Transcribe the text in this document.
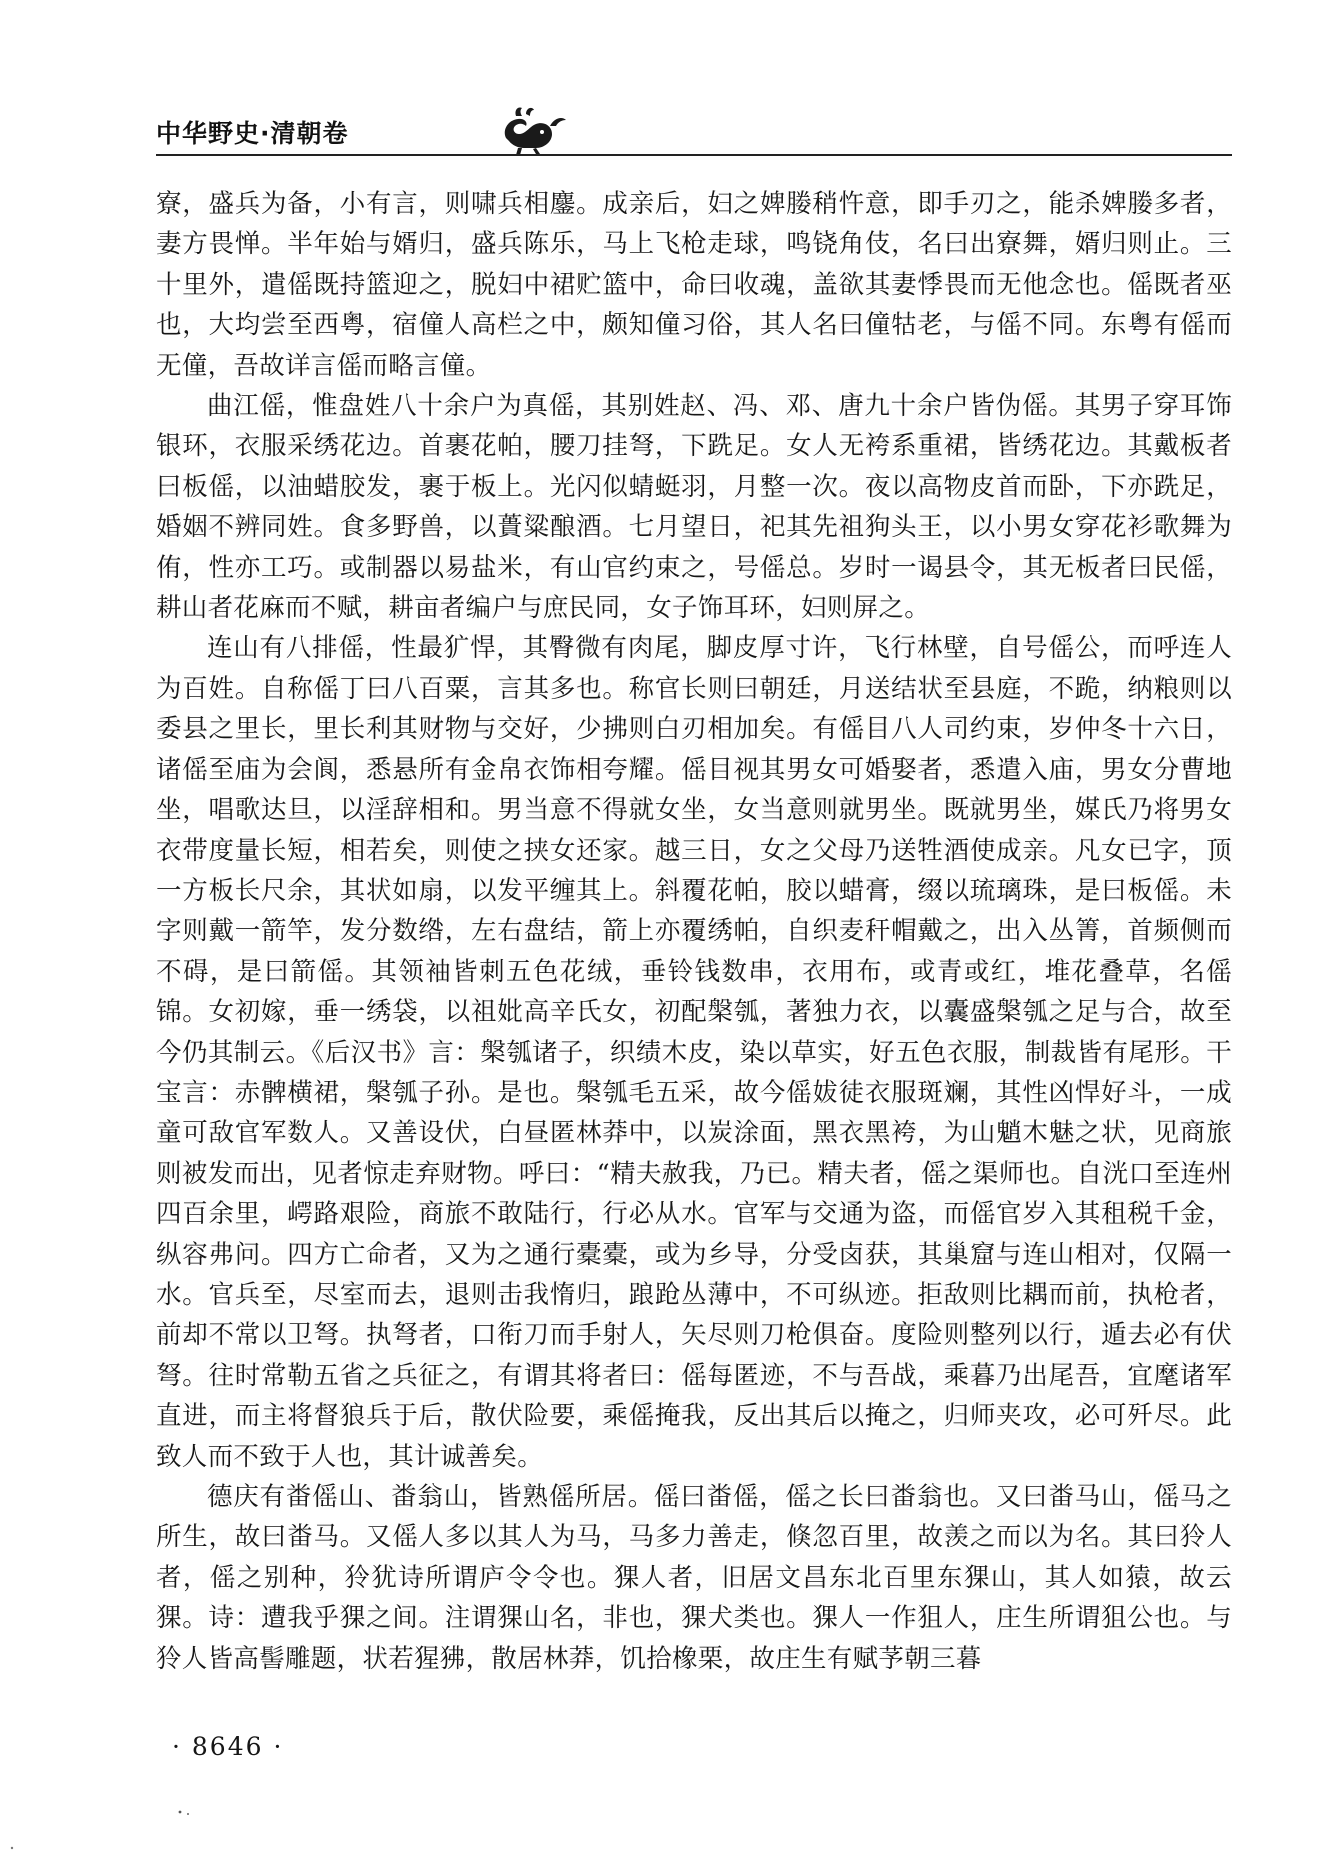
中华野史·清朝卷

寮，盛兵为备，小有言，则啸兵相鏖。成亲后，妇之婢媵稍忤意，即手刃之，能杀婢媵多者，妻方畏惮。半年始与婿归，盛兵陈乐，马上飞枪走球，鸣铙角伎，名曰出寮舞，婿归则止。三十里外，遣傜既持篮迎之，脱妇中裙贮篮中，命曰收魂，盖欲其妻悸畏而无他念也。傜既者巫也，大均尝至西粤，宿僮人高栏之中，颇知僮习俗，其人名曰僮牯老，与傜不同。东粤有傜而无僮，吾故详言傜而略言僮。

曲江傜，惟盘姓八十余户为真傜，其别姓赵、冯、邓、唐九十余户皆伪傜。其男子穿耳饰银环，衣服采绣花边。首裹花帕，腰刀挂弩，下跣足。女人无袴系重裙，皆绣花边。其戴板者曰板傜，以油蜡胶发，裹于板上。光闪似蜻蜓羽，月整一次。夜以高物皮首而卧，下亦跣足，婚姻不辨同姓。食多野兽，以蕢粱酿酒。七月望日，祀其先祖狗头王，以小男女穿花衫歌舞为侑，性亦工巧。或制器以易盐米，有山官约束之，号傜总。岁时一谒县令，其无板者曰民傜，耕山者花麻而不赋，耕亩者编户与庶民同，女子饰耳环，妇则屏之。

连山有八排傜，性最犷悍，其臀微有肉尾，脚皮厚寸许，飞行林壁，自号傜公，而呼连人为百姓。自称傜丁曰八百粟，言其多也。称官长则曰朝廷，月送结状至县庭，不跪，纳粮则以委县之里长，里长利其财物与交好，少拂则白刃相加矣。有傜目八人司约束，岁仲冬十六日，诸傜至庙为会阆，悉悬所有金帛衣饰相夸耀。傜目视其男女可婚娶者，悉遣入庙，男女分曹地坐，唱歌达旦，以淫辞相和。男当意不得就女坐，女当意则就男坐。既就男坐，媒氏乃将男女衣带度量长短，相若矣，则使之挟女还家。越三日，女之父母乃送牲酒使成亲。凡女已字，顶一方板长尺余，其状如扇，以发平缠其上。斜覆花帕，胶以蜡膏，缀以琉璃珠，是曰板傜。未字则戴一箭竿，发分数绺，左右盘结，箭上亦覆绣帕，自织麦秆帽戴之，出入丛箐，首频侧而不碍，是曰箭傜。其领袖皆刺五色花绒，垂铃钱数串，衣用布，或青或红，堆花叠草，名傜锦。女初嫁，垂一绣袋，以祖妣高辛氏女，初配槃瓠，著独力衣，以囊盛槃瓠之足与合，故至今仍其制云。《后汉书》言：槃瓠诸子，织绩木皮，染以草实，好五色衣服，制裁皆有尾形。干宝言：赤髀横裙，槃瓠子孙。是也。槃瓠毛五采，故今傜妭徒衣服斑斓，其性凶悍好斗，一成童可敌官军数人。又善设伏，白昼匿林莽中，以炭涂面，黑衣黑袴，为山魈木魅之状，见商旅则被发而出，见者惊走弃财物。呼曰：“精夫赦我，乃已。精夫者，傜之渠师也。自洸口至连州四百余里，崿路艰险，商旅不敢陆行，行必从水。官军与交通为盗，而傜官岁入其租税千金，纵容弗问。四方亡命者，又为之通行橐橐，或为乡导，分受卤获，其巢窟与连山相对，仅隔一水。官兵至，尽室而去，退则击我惰归，踉跄丛薄中，不可纵迹。拒敌则比耦而前，执枪者，前却不常以卫弩。执弩者，口衔刀而手射人，矢尽则刀枪俱奋。度险则整列以行，遁去必有伏弩。往时常勒五省之兵征之，有谓其将者曰：傜每匿迹，不与吾战，乘暮乃出尾吾，宜麾诸军直进，而主将督狼兵于后，散伏险要，乘傜掩我，反出其后以掩之，归师夹攻，必可歼尽。此致人而不致于人也，其计诚善矣。

德庆有畨傜山、畨翁山，皆熟傜所居。傜曰畨傜，傜之长曰畨翁也。又曰畨马山，傜马之所生，故曰畨马。又傜人多以其人为马，马多力善走，倏忽百里，故羡之而以为名。其曰狑人者，傜之别种，狑犹诗所谓庐令令也。猓人者，旧居文昌东北百里东猓山，其人如猿，故云猓。诗：遭我乎猓之间。注谓猓山名，非也，猓犬类也。猓人一作狙人，庄生所谓狙公也。与狑人皆高髻雕题，状若猩狒，散居林莽，饥拾橡栗，故庄生有赋芧朝三暮

· 8646 ·
